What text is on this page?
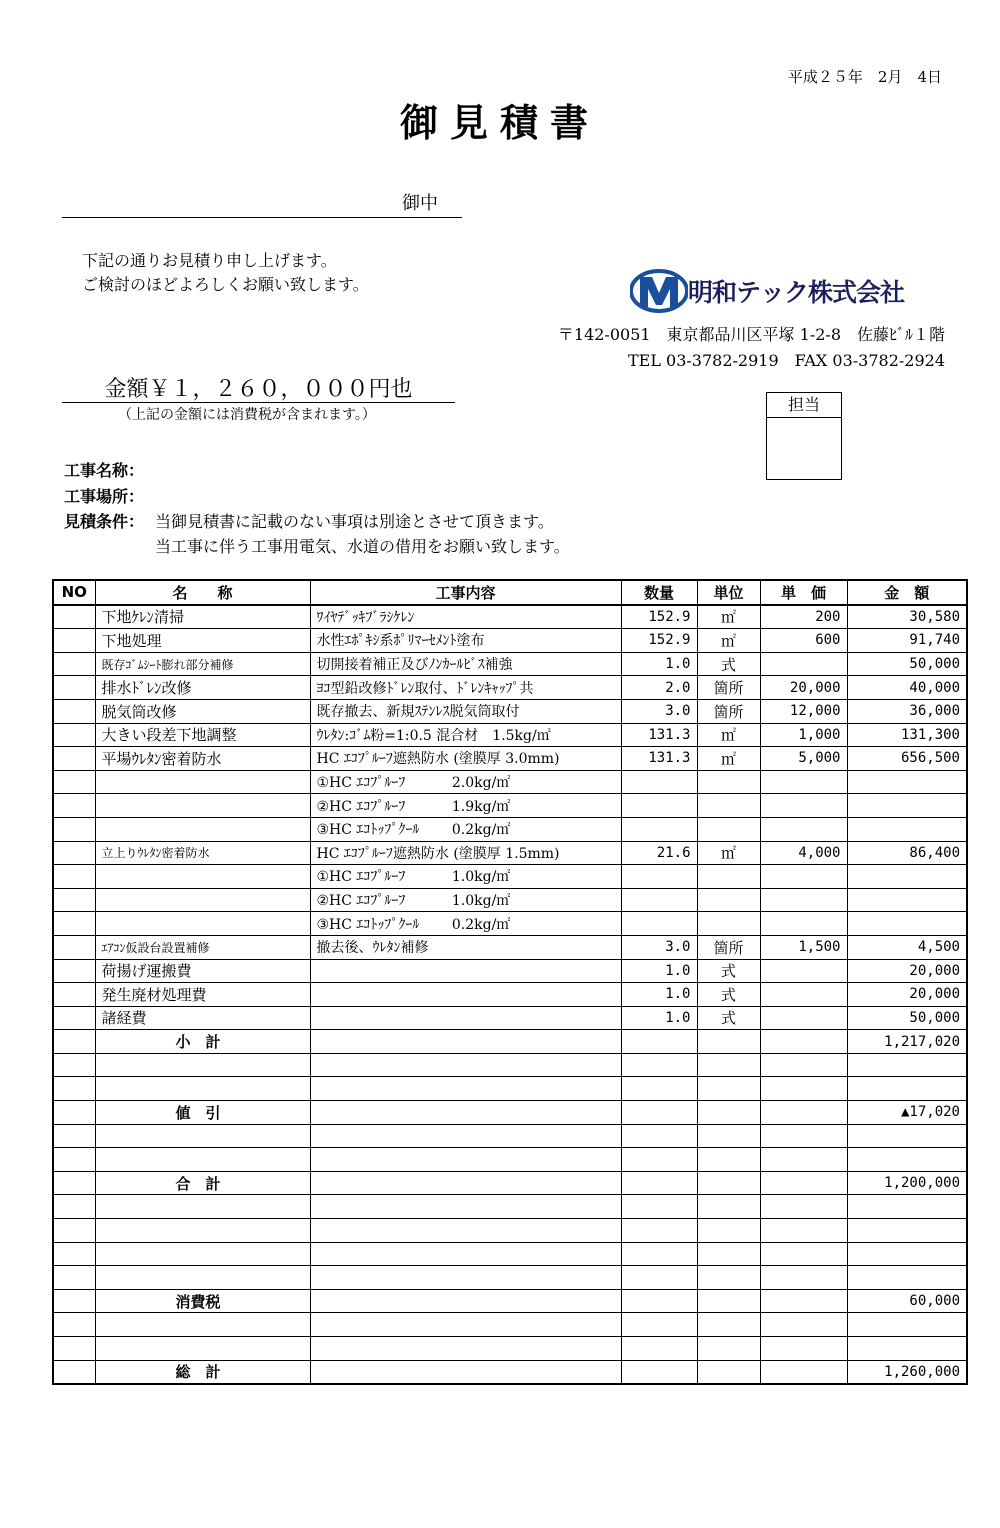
平成２５年　2月　4日
御見積書
御中
下記の通りお見積り申し上げます。
ご検討のほどよろしくお願い致します。	明和テック株式会社
〒142-0051　東京都品川区平塚 1-2-8　佐藤ﾋﾞﾙ１階
TEL 03-3782-2919　FAX 03-3782-2924
金額￥１，２６０，０００円也
（上記の金額には消費税が含まれます。）
担当
工事名称：
工事場所：
見積条件： 当御見積書に記載のない事項は別途とさせて頂きます。
当工事に伴う工事用電気、水道の借用をお願い致します。
NO	名　　称	工事内容	数量	単位	単　価	金　額
	下地ｹﾚﾝ清掃	ﾜｲﾔﾃﾞｯｷﾌﾞﾗｼｹﾚﾝ	152.9	㎡	200	30,580
	下地処理	水性ｴﾎﾟｷｼ系ﾎﾟﾘﾏｰｾﾒﾝﾄ塗布	152.9	㎡	600	91,740
	既存ｺﾞﾑｼｰﾄ膨れ部分補修	切開接着補正及びﾉﾝｶｰﾙﾋﾞｽ補強	1.0	式		50,000
	排水ﾄﾞﾚﾝ改修	ﾖｺ型鉛改修ﾄﾞﾚﾝ取付、ﾄﾞﾚﾝｷｬｯﾌﾟ共	2.0	箇所	20,000	40,000
	脱気筒改修	既存撤去、新規ｽﾃﾝﾚｽ脱気筒取付	3.0	箇所	12,000	36,000
	大きい段差下地調整	ｳﾚﾀﾝ:ｺﾞﾑ粉=1:0.5 混合材　1.5kg/㎡	131.3	㎡	1,000	131,300
	平場ｳﾚﾀﾝ密着防水	HC ｴｺﾌﾟﾙｰﾌ遮熱防水 (塗膜厚 3.0mm)	131.3	㎡	5,000	656,500
		①HC ｴｺﾌﾟﾙｰﾌ　　　 2.0kg/㎡				
		②HC ｴｺﾌﾟﾙｰﾌ　　　 1.9kg/㎡				
		③HC ｴｺﾄｯﾌﾟｸｰﾙ　　 0.2kg/㎡				
	立上りｳﾚﾀﾝ密着防水	HC ｴｺﾌﾟﾙｰﾌ遮熱防水 (塗膜厚 1.5mm)	21.6	㎡	4,000	86,400
		①HC ｴｺﾌﾟﾙｰﾌ　　　 1.0kg/㎡				
		②HC ｴｺﾌﾟﾙｰﾌ　　　 1.0kg/㎡				
		③HC ｴｺﾄｯﾌﾟｸｰﾙ　　 0.2kg/㎡				
	ｴｱｺﾝ仮設台設置補修	撤去後、ｳﾚﾀﾝ補修	3.0	箇所	1,500	4,500
	荷揚げ運搬費		1.0	式		20,000
	発生廃材処理費		1.0	式		20,000
	諸経費		1.0	式		50,000
	小　計					1,217,020

	値　引					▲17,020

	合　計					1,200,000

	消費税					60,000

	総　計					1,260,000
